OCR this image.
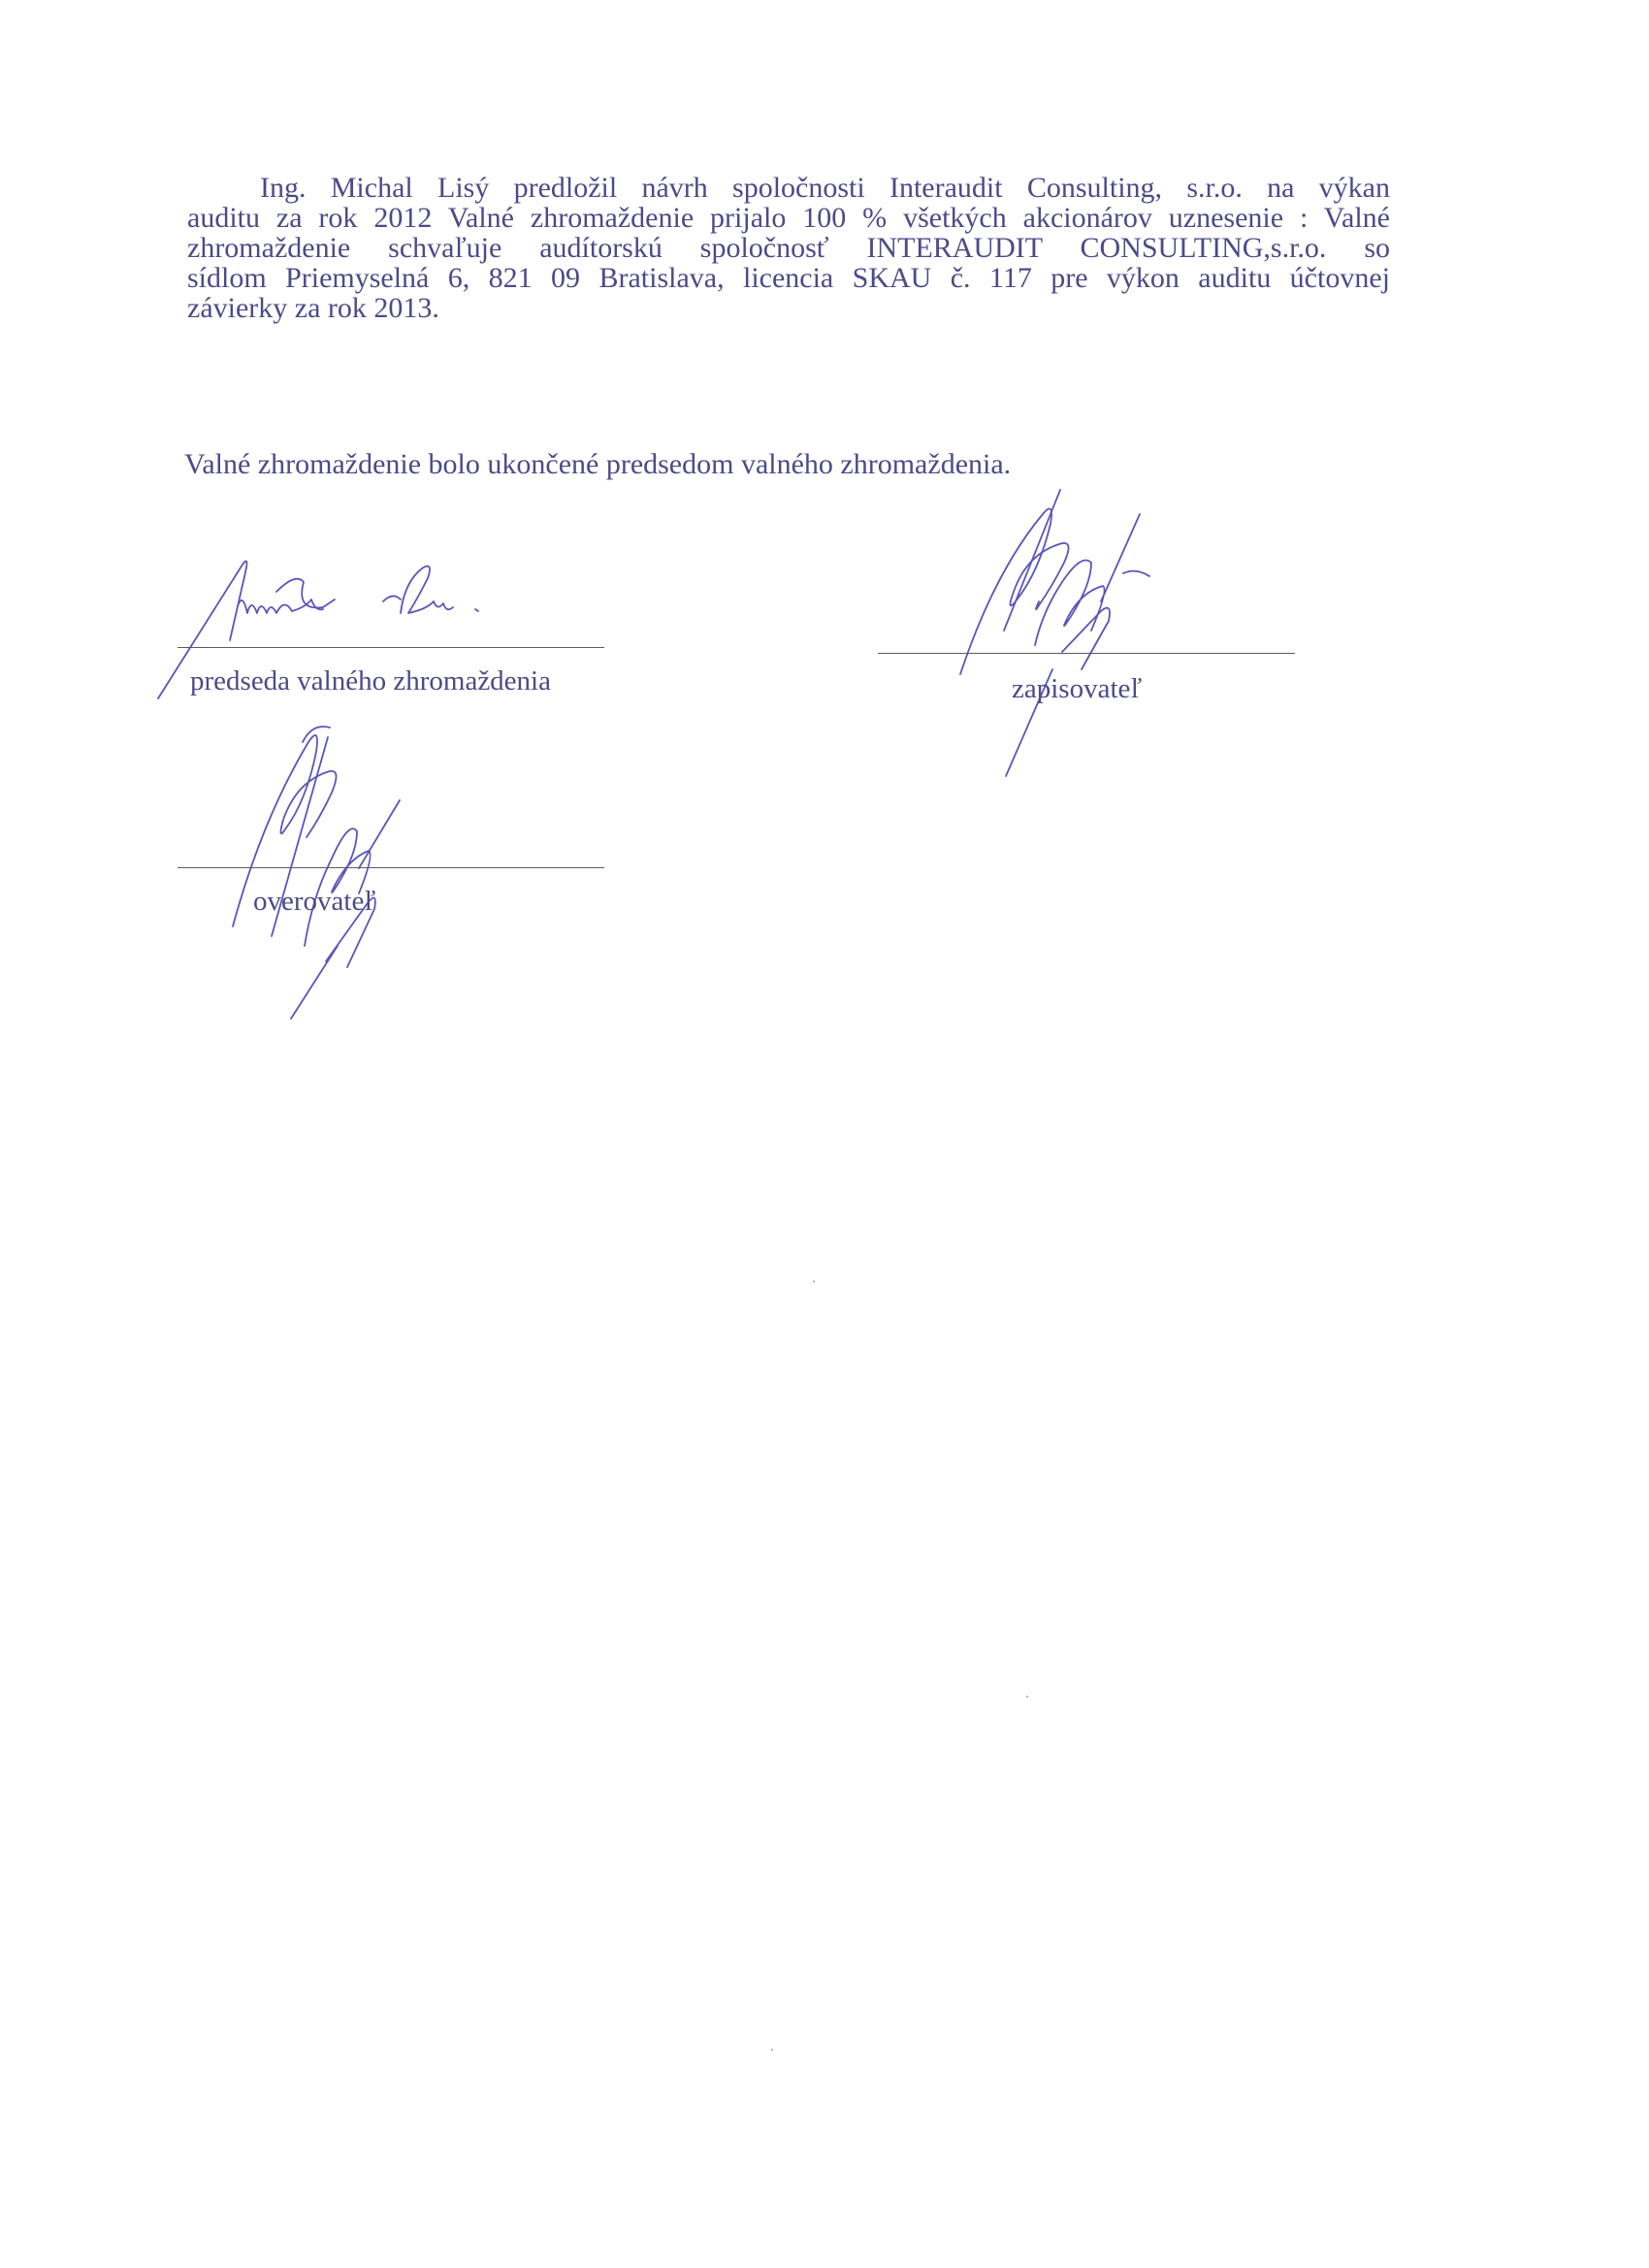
Ing. Michal Lisý predložil návrh spoločnosti Interaudit Consulting, s.r.o. na výkan
auditu za rok 2012 Valné zhromaždenie prijalo 100 % všetkých akcionárov uznesenie : Valné
zhromaždenie schvaľuje audítorskú spoločnosť INTERAUDIT CONSULTING,s.r.o. so
sídlom Priemyselná 6, 821 09 Bratislava, licencia SKAU č. 117 pre výkon auditu účtovnej
závierky za rok 2013.
Valné zhromaždenie bolo ukončené predsedom valného zhromaždenia.
predseda valného zhromaždenia	zapisovateľ
overovateľ
